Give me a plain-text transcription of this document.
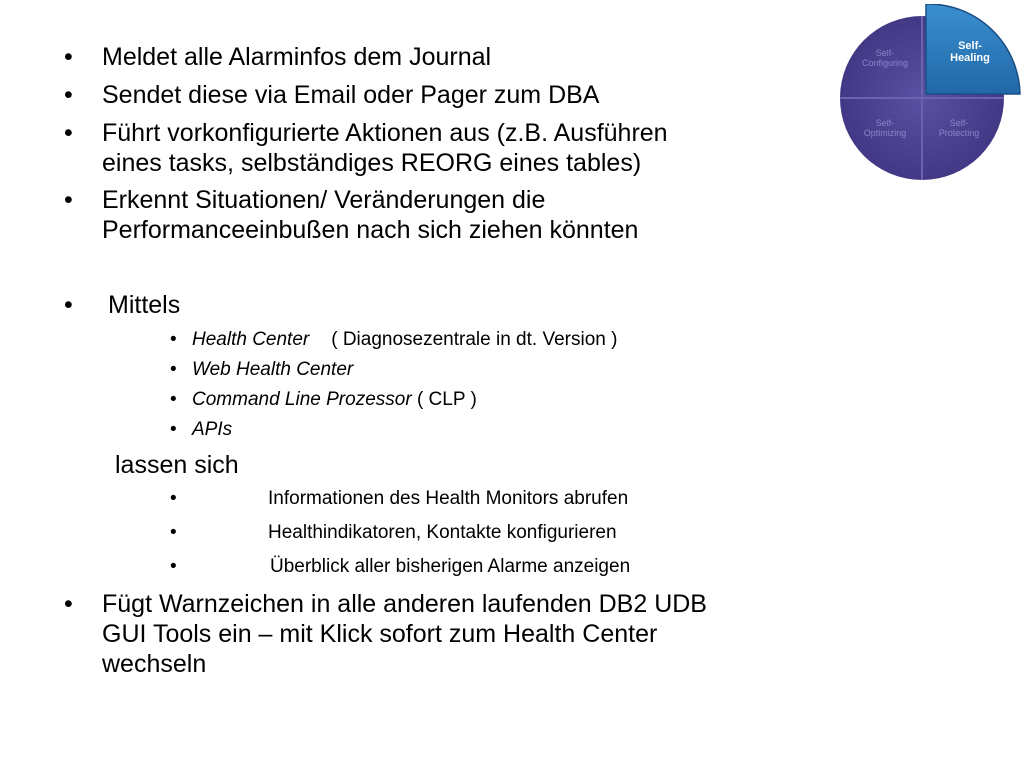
• Meldet alle Alarminfos dem Journal
• Sendet diese via Email oder Pager zum DBA
• Führt vorkonfigurierte Aktionen aus (z.B. Ausführen
eines tasks, selbständiges REORG eines tables)
• Erkennt Situationen/ Veränderungen die
Performanceeinbußen nach sich ziehen könnten
• Mittels
• Health Center ( Diagnosezentrale in dt. Version )
• Web Health Center
• Command Line Prozessor ( CLP )
• APIs
lassen sich
•	Informationen des Health Monitors abrufen
•	Healthindikatoren, Kontakte konfigurieren
•	Überblick aller bisherigen Alarme anzeigen
• Fügt Warnzeichen in alle anderen laufenden DB2 UDB
GUI Tools ein – mit Klick sofort zum Health Center
wechseln
Self-
Configuring
Self-
Healing
Self-
Optimizing
Self-
Protecting
